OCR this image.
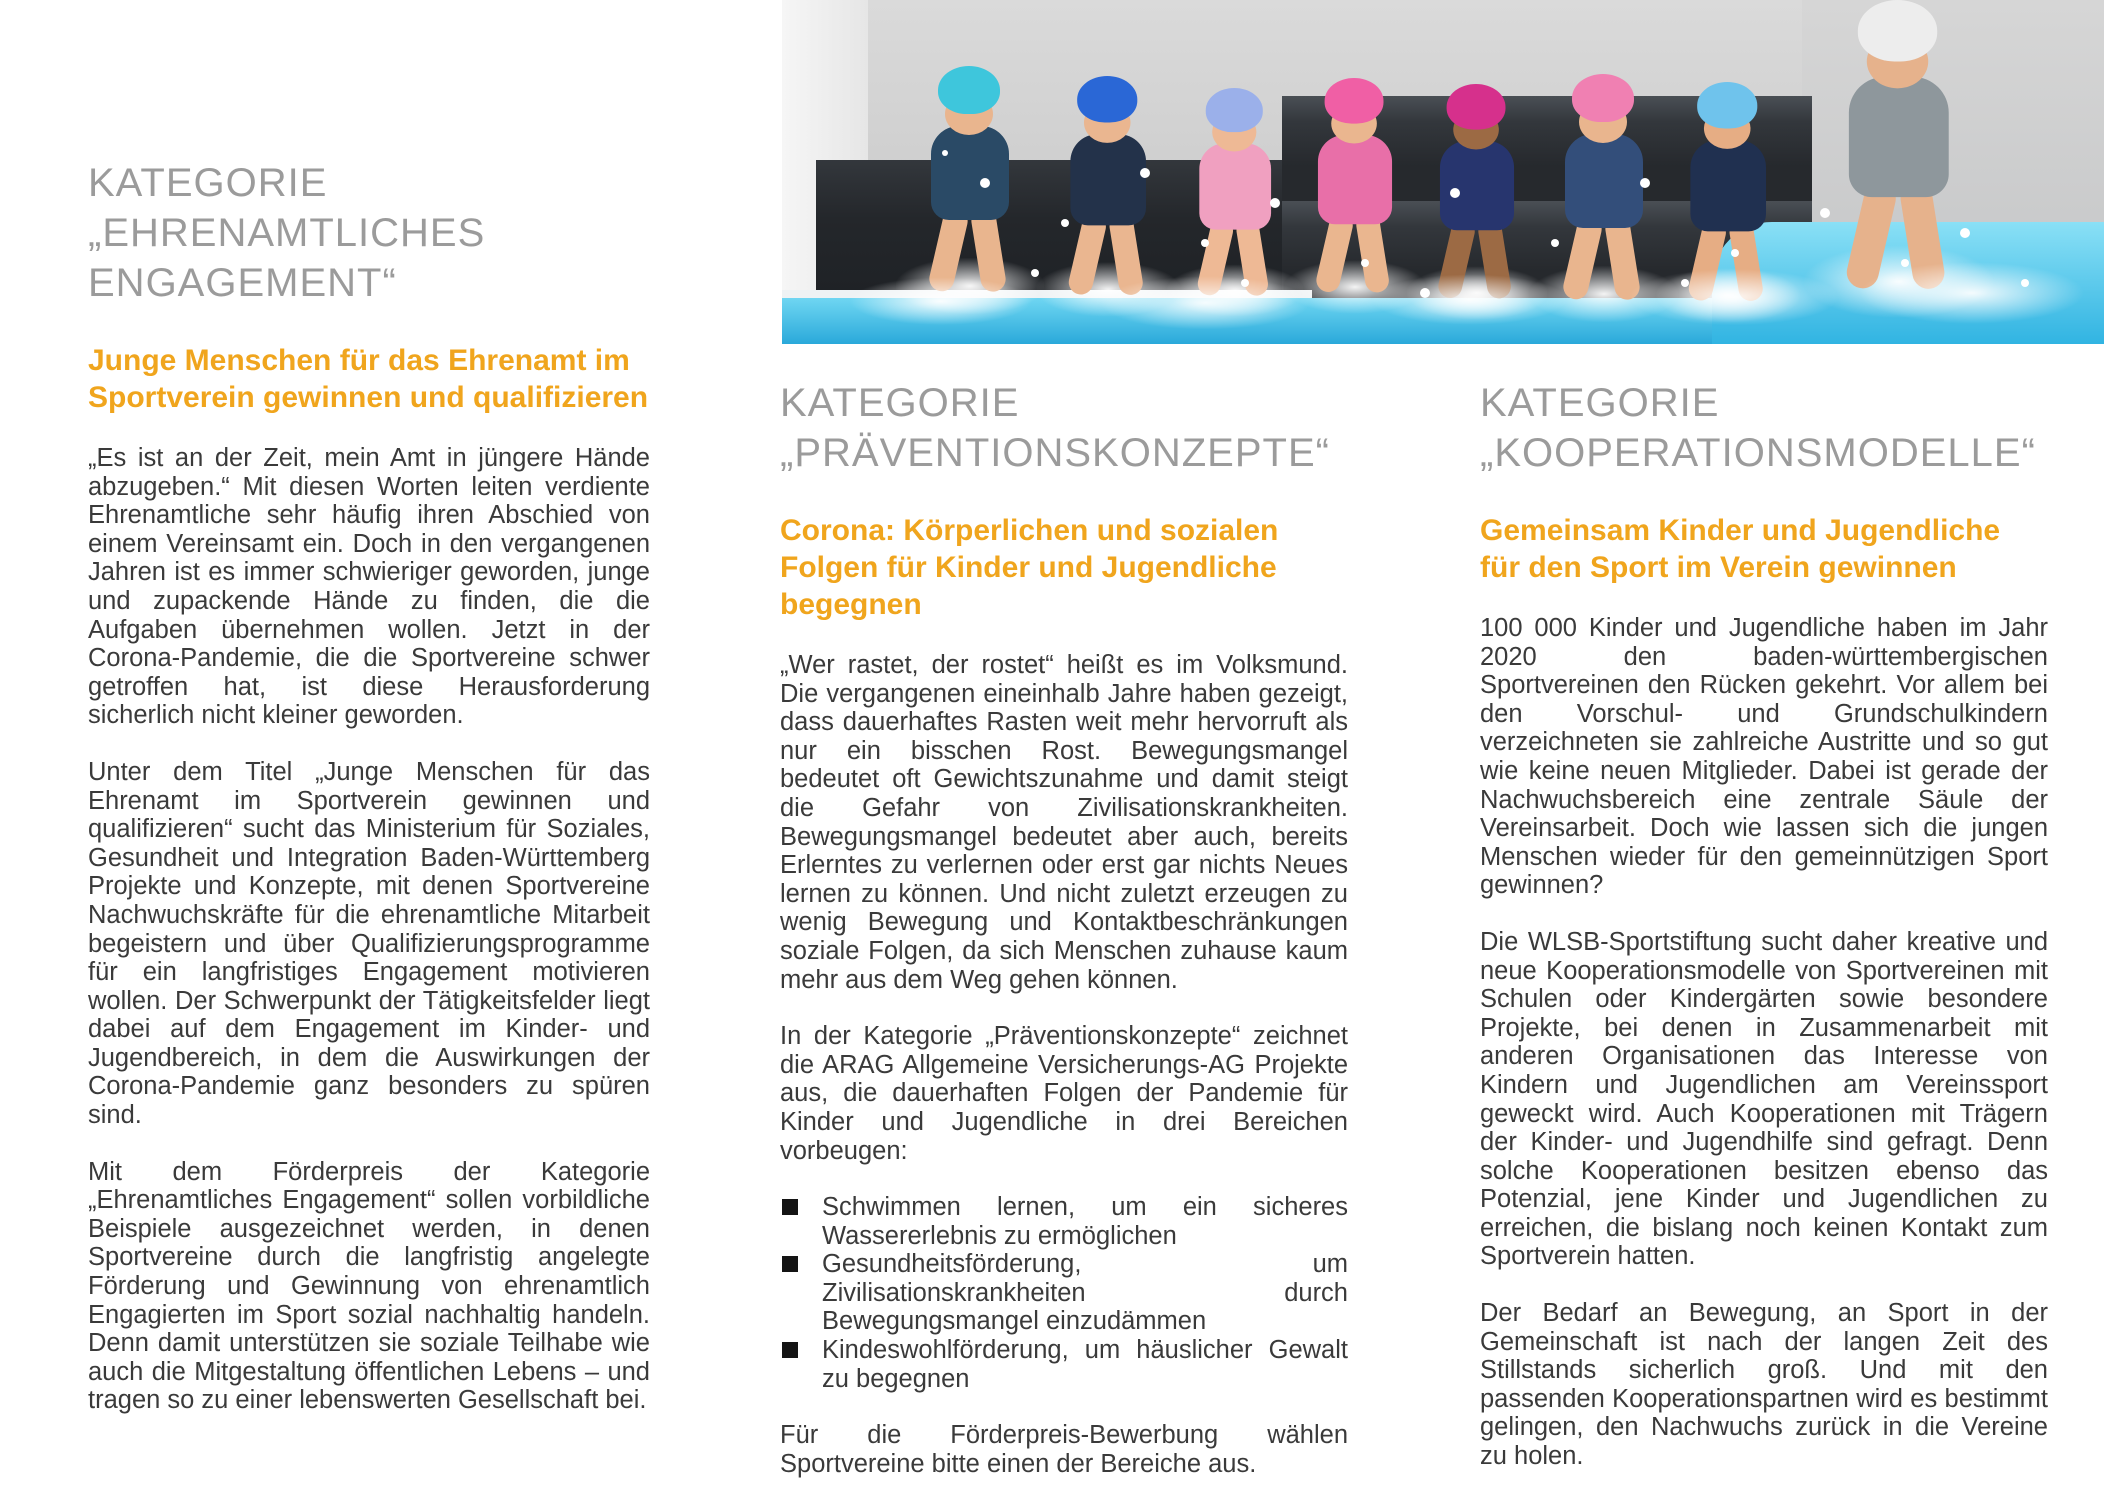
KATEGORIE
„EHRENAMTLICHES ENGAGEMENT“
Junge Menschen für das Ehrenamt im Sportverein gewinnen und qualifizieren

„Es ist an der Zeit, mein Amt in jüngere Hände abzugeben.“ Mit diesen Worten leiten verdiente Ehrenamtliche sehr häufig ihren Abschied von einem Vereinsamt ein. Doch in den vergangenen Jahren ist es immer schwieriger geworden, junge und zupackende Hände zu finden, die die Aufgaben übernehmen wollen. Jetzt in der Corona-Pandemie, die die Sportvereine schwer getroffen hat, ist diese Herausforderung sicherlich nicht kleiner geworden.

Unter dem Titel „Junge Menschen für das Ehrenamt im Sportverein gewinnen und qualifizieren“ sucht das Ministerium für Soziales, Gesundheit und Integration Baden-Württemberg Projekte und Konzepte, mit denen Sportvereine Nachwuchskräfte für die ehrenamtliche Mitarbeit begeistern und über Qualifizierungsprogramme für ein langfristiges Engagement motivieren wollen. Der Schwerpunkt der Tätigkeitsfelder liegt dabei auf dem Engagement im Kinder- und Jugendbereich, in dem die Auswirkungen der Corona-Pandemie ganz besonders zu spüren sind.

Mit dem Förderpreis der Kategorie „Ehrenamtliches Engagement“ sollen vorbildliche Beispiele ausgezeichnet werden, in denen Sportvereine durch die langfristig angelegte Förderung und Gewinnung von ehrenamtlich Engagierten im Sport sozial nachhaltig handeln. Denn damit unterstützen sie soziale Teilhabe wie auch die Mitgestaltung öffentlichen Lebens – und tragen so zu einer lebenswerten Gesellschaft bei.

KATEGORIE
„PRÄVENTIONSKONZEPTE“
Corona: Körperlichen und sozialen Folgen für Kinder und Jugendliche begegnen

„Wer rastet, der rostet“ heißt es im Volksmund. Die vergangenen eineinhalb Jahre haben gezeigt, dass dauerhaftes Rasten weit mehr hervorruft als nur ein bisschen Rost. Bewegungsmangel bedeutet oft Gewichtszunahme und damit steigt die Gefahr von Zivilisationskrankheiten. Bewegungsmangel bedeutet aber auch, bereits Erlerntes zu verlernen oder erst gar nichts Neues lernen zu können. Und nicht zuletzt erzeugen zu wenig Bewegung und Kontaktbeschränkungen soziale Folgen, da sich Menschen zuhause kaum mehr aus dem Weg gehen können.

In der Kategorie „Präventionskonzepte“ zeichnet die ARAG Allgemeine Versicherungs-AG Projekte aus, die dauerhaften Folgen der Pandemie für Kinder und Jugendliche in drei Bereichen vorbeugen:

Schwimmen lernen, um ein sicheres Wassererlebnis zu ermöglichen
Gesundheitsförderung, um Zivilisationskrankheiten durch Bewegungsmangel einzudämmen
Kindeswohlförderung, um häuslicher Gewalt zu begegnen

Für die Förderpreis-Bewerbung wählen Sportvereine bitte einen der Bereiche aus.

KATEGORIE
„KOOPERATIONSMODELLE“
Gemeinsam Kinder und Jugendliche für den Sport im Verein gewinnen

100 000 Kinder und Jugendliche haben im Jahr 2020 den baden-württembergischen Sportvereinen den Rücken gekehrt. Vor allem bei den Vorschul- und Grundschulkindern verzeichneten sie zahlreiche Austritte und so gut wie keine neuen Mitglieder. Dabei ist gerade der Nachwuchsbereich eine zentrale Säule der Vereinsarbeit. Doch wie lassen sich die jungen Menschen wieder für den gemeinnützigen Sport gewinnen?

Die WLSB-Sportstiftung sucht daher kreative und neue Kooperationsmodelle von Sportvereinen mit Schulen oder Kindergärten sowie besondere Projekte, bei denen in Zusammenarbeit mit anderen Organisationen das Interesse von Kindern und Jugendlichen am Vereinssport geweckt wird. Auch Kooperationen mit Trägern der Kinder- und Jugendhilfe sind gefragt. Denn solche Kooperationen besitzen ebenso das Potenzial, jene Kinder und Jugendlichen zu erreichen, die bislang noch keinen Kontakt zum Sportverein hatten.

Der Bedarf an Bewegung, an Sport in der Gemeinschaft ist nach der langen Zeit des Stillstands sicherlich groß. Und mit den passenden Kooperationspartnen wird es bestimmt gelingen, den Nachwuchs zurück in die Vereine zu holen.
